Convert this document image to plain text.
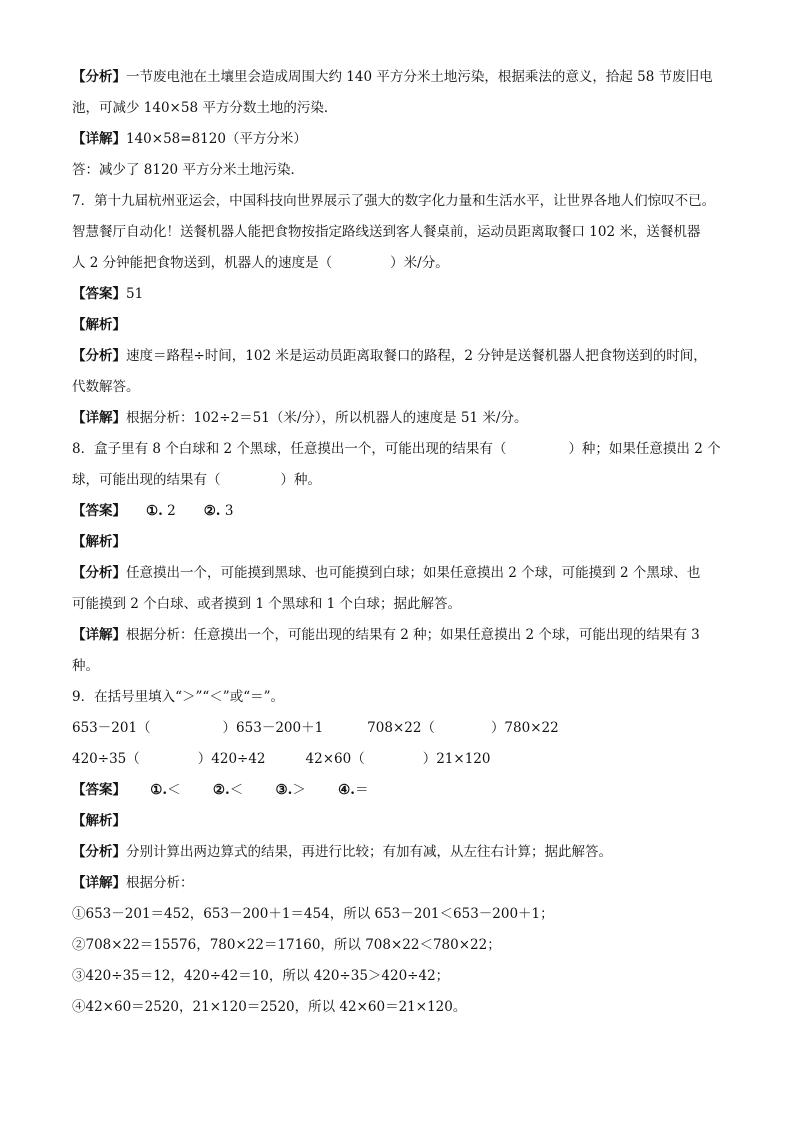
【分析】一节废电池在土壤里会造成周围大约 140 平方分米土地污染，根据乘法的意义，拾起 58 节废旧电
池，可减少 140×58 平方分数土地的污染．
【详解】140×58=8120（平方分米）
答：减少了 8120 平方分米土地污染．
7．第十九届杭州亚运会，中国科技向世界展示了强大的数字化力量和生活水平，让世界各地人们惊叹不已。
智慧餐厅自动化！送餐机器人能把食物按指定路线送到客人餐桌前，运动员距离取餐口 102 米，送餐机器
人 2 分钟能把食物送到，机器人的速度是（	）米/分。
【答案】51
【解析】
【分析】速度＝路程÷时间，102 米是运动员距离取餐口的路程，2 分钟是送餐机器人把食物送到的时间，
代数解答。
【详解】根据分析：102÷2＝51（米/分），所以机器人的速度是 51 米/分。
8．盒子里有 8 个白球和 2 个黑球，任意摸出一个，可能出现的结果有（	）种；如果任意摸出 2 个
球，可能出现的结果有（	）种。
【答案】 ①. 2 ②. 3
【解析】
【分析】任意摸出一个，可能摸到黑球、也可能摸到白球；如果任意摸出 2 个球，可能摸到 2 个黑球、也
可能摸到 2 个白球、或者摸到 1 个黑球和 1 个白球；据此解答。
【详解】根据分析：任意摸出一个，可能出现的结果有 2 种；如果任意摸出 2 个球，可能出现的结果有 3
种。
9．在括号里填入“＞”“＜”或“＝”。
653－201（	）653－200＋1	708×22（	）780×22
420÷35（	）420÷42	42×60（	）21×120
【答案】 ①.＜ ②.＜ ③.＞ ④.＝
【解析】
【分析】分别计算出两边算式的结果，再进行比较；有加有减，从左往右计算；据此解答。
【详解】根据分析：
①653－201＝452，653－200＋1＝454，所以 653－201＜653－200＋1；
②708×22＝15576，780×22＝17160，所以 708×22＜780×22；
③420÷35＝12，420÷42＝10，所以 420÷35＞420÷42；
④42×60＝2520，21×120＝2520，所以 42×60＝21×120。
